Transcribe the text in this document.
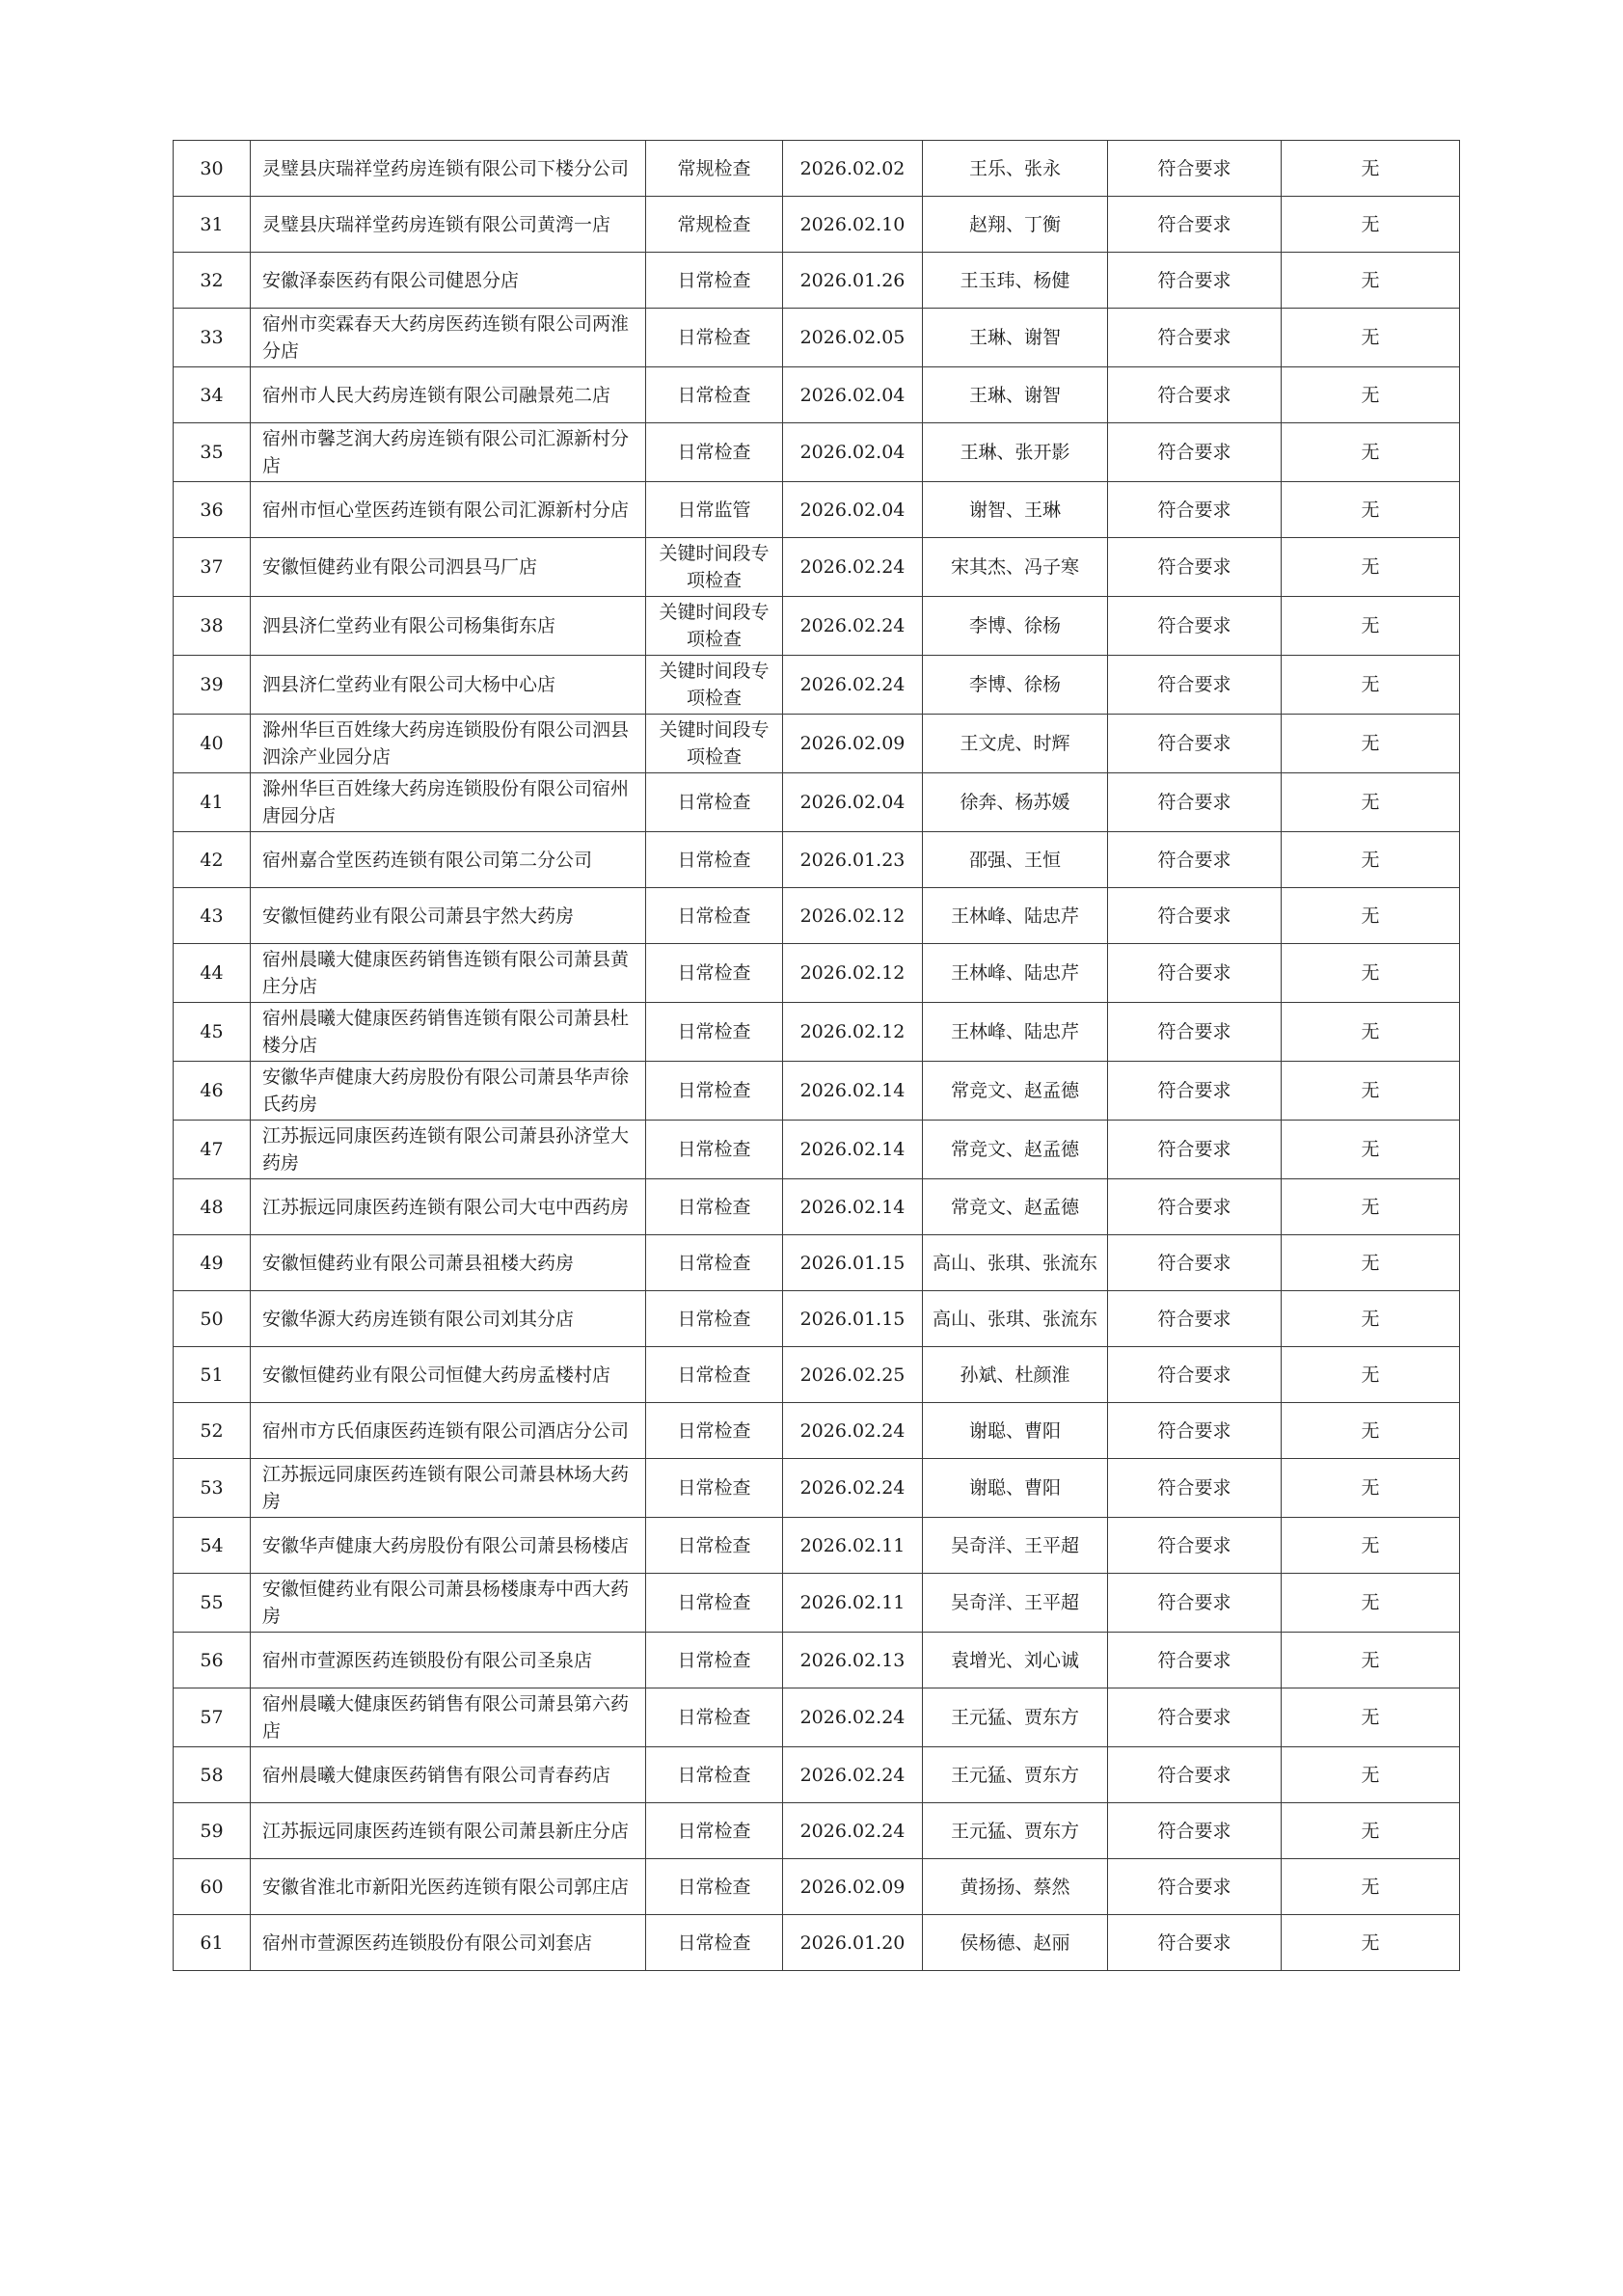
30	灵璧县庆瑞祥堂药房连锁有限公司下楼分公司	常规检查	2026.02.02	王乐、张永	符合要求	无
31	灵璧县庆瑞祥堂药房连锁有限公司黄湾一店	常规检查	2026.02.10	赵翔、丁衡	符合要求	无
32	安徽泽泰医药有限公司健恩分店	日常检查	2026.01.26	王玉玮、杨健	符合要求	无
33	宿州市奕霖春天大药房医药连锁有限公司两淮分店	日常检查	2026.02.05	王琳、谢智	符合要求	无
34	宿州市人民大药房连锁有限公司融景苑二店	日常检查	2026.02.04	王琳、谢智	符合要求	无
35	宿州市馨芝润大药房连锁有限公司汇源新村分店	日常检查	2026.02.04	王琳、张开影	符合要求	无
36	宿州市恒心堂医药连锁有限公司汇源新村分店	日常监管	2026.02.04	谢智、王琳	符合要求	无
37	安徽恒健药业有限公司泗县马厂店	关键时间段专项检查	2026.02.24	宋其杰、冯子寒	符合要求	无
38	泗县济仁堂药业有限公司杨集街东店	关键时间段专项检查	2026.02.24	李博、徐杨	符合要求	无
39	泗县济仁堂药业有限公司大杨中心店	关键时间段专项检查	2026.02.24	李博、徐杨	符合要求	无
40	滁州华巨百姓缘大药房连锁股份有限公司泗县泗涂产业园分店	关键时间段专项检查	2026.02.09	王文虎、时辉	符合要求	无
41	滁州华巨百姓缘大药房连锁股份有限公司宿州唐园分店	日常检查	2026.02.04	徐奔、杨苏媛	符合要求	无
42	宿州嘉合堂医药连锁有限公司第二分公司	日常检查	2026.01.23	邵强、王恒	符合要求	无
43	安徽恒健药业有限公司萧县宇然大药房	日常检查	2026.02.12	王林峰、陆忠芹	符合要求	无
44	宿州晨曦大健康医药销售连锁有限公司萧县黄庄分店	日常检查	2026.02.12	王林峰、陆忠芹	符合要求	无
45	宿州晨曦大健康医药销售连锁有限公司萧县杜楼分店	日常检查	2026.02.12	王林峰、陆忠芹	符合要求	无
46	安徽华声健康大药房股份有限公司萧县华声徐氏药房	日常检查	2026.02.14	常竞文、赵孟德	符合要求	无
47	江苏振远同康医药连锁有限公司萧县孙济堂大药房	日常检查	2026.02.14	常竞文、赵孟德	符合要求	无
48	江苏振远同康医药连锁有限公司大屯中西药房	日常检查	2026.02.14	常竞文、赵孟德	符合要求	无
49	安徽恒健药业有限公司萧县祖楼大药房	日常检查	2026.01.15	高山、张琪、张流东	符合要求	无
50	安徽华源大药房连锁有限公司刘其分店	日常检查	2026.01.15	高山、张琪、张流东	符合要求	无
51	安徽恒健药业有限公司恒健大药房孟楼村店	日常检查	2026.02.25	孙斌、杜颜淮	符合要求	无
52	宿州市方氏佰康医药连锁有限公司酒店分公司	日常检查	2026.02.24	谢聪、曹阳	符合要求	无
53	江苏振远同康医药连锁有限公司萧县林场大药房	日常检查	2026.02.24	谢聪、曹阳	符合要求	无
54	安徽华声健康大药房股份有限公司萧县杨楼店	日常检查	2026.02.11	吴奇洋、王平超	符合要求	无
55	安徽恒健药业有限公司萧县杨楼康寿中西大药房	日常检查	2026.02.11	吴奇洋、王平超	符合要求	无
56	宿州市萱源医药连锁股份有限公司圣泉店	日常检查	2026.02.13	袁增光、刘心诚	符合要求	无
57	宿州晨曦大健康医药销售有限公司萧县第六药店	日常检查	2026.02.24	王元猛、贾东方	符合要求	无
58	宿州晨曦大健康医药销售有限公司青春药店	日常检查	2026.02.24	王元猛、贾东方	符合要求	无
59	江苏振远同康医药连锁有限公司萧县新庄分店	日常检查	2026.02.24	王元猛、贾东方	符合要求	无
60	安徽省淮北市新阳光医药连锁有限公司郭庄店	日常检查	2026.02.09	黄扬扬、蔡然	符合要求	无
61	宿州市萱源医药连锁股份有限公司刘套店	日常检查	2026.01.20	侯杨德、赵丽	符合要求	无
